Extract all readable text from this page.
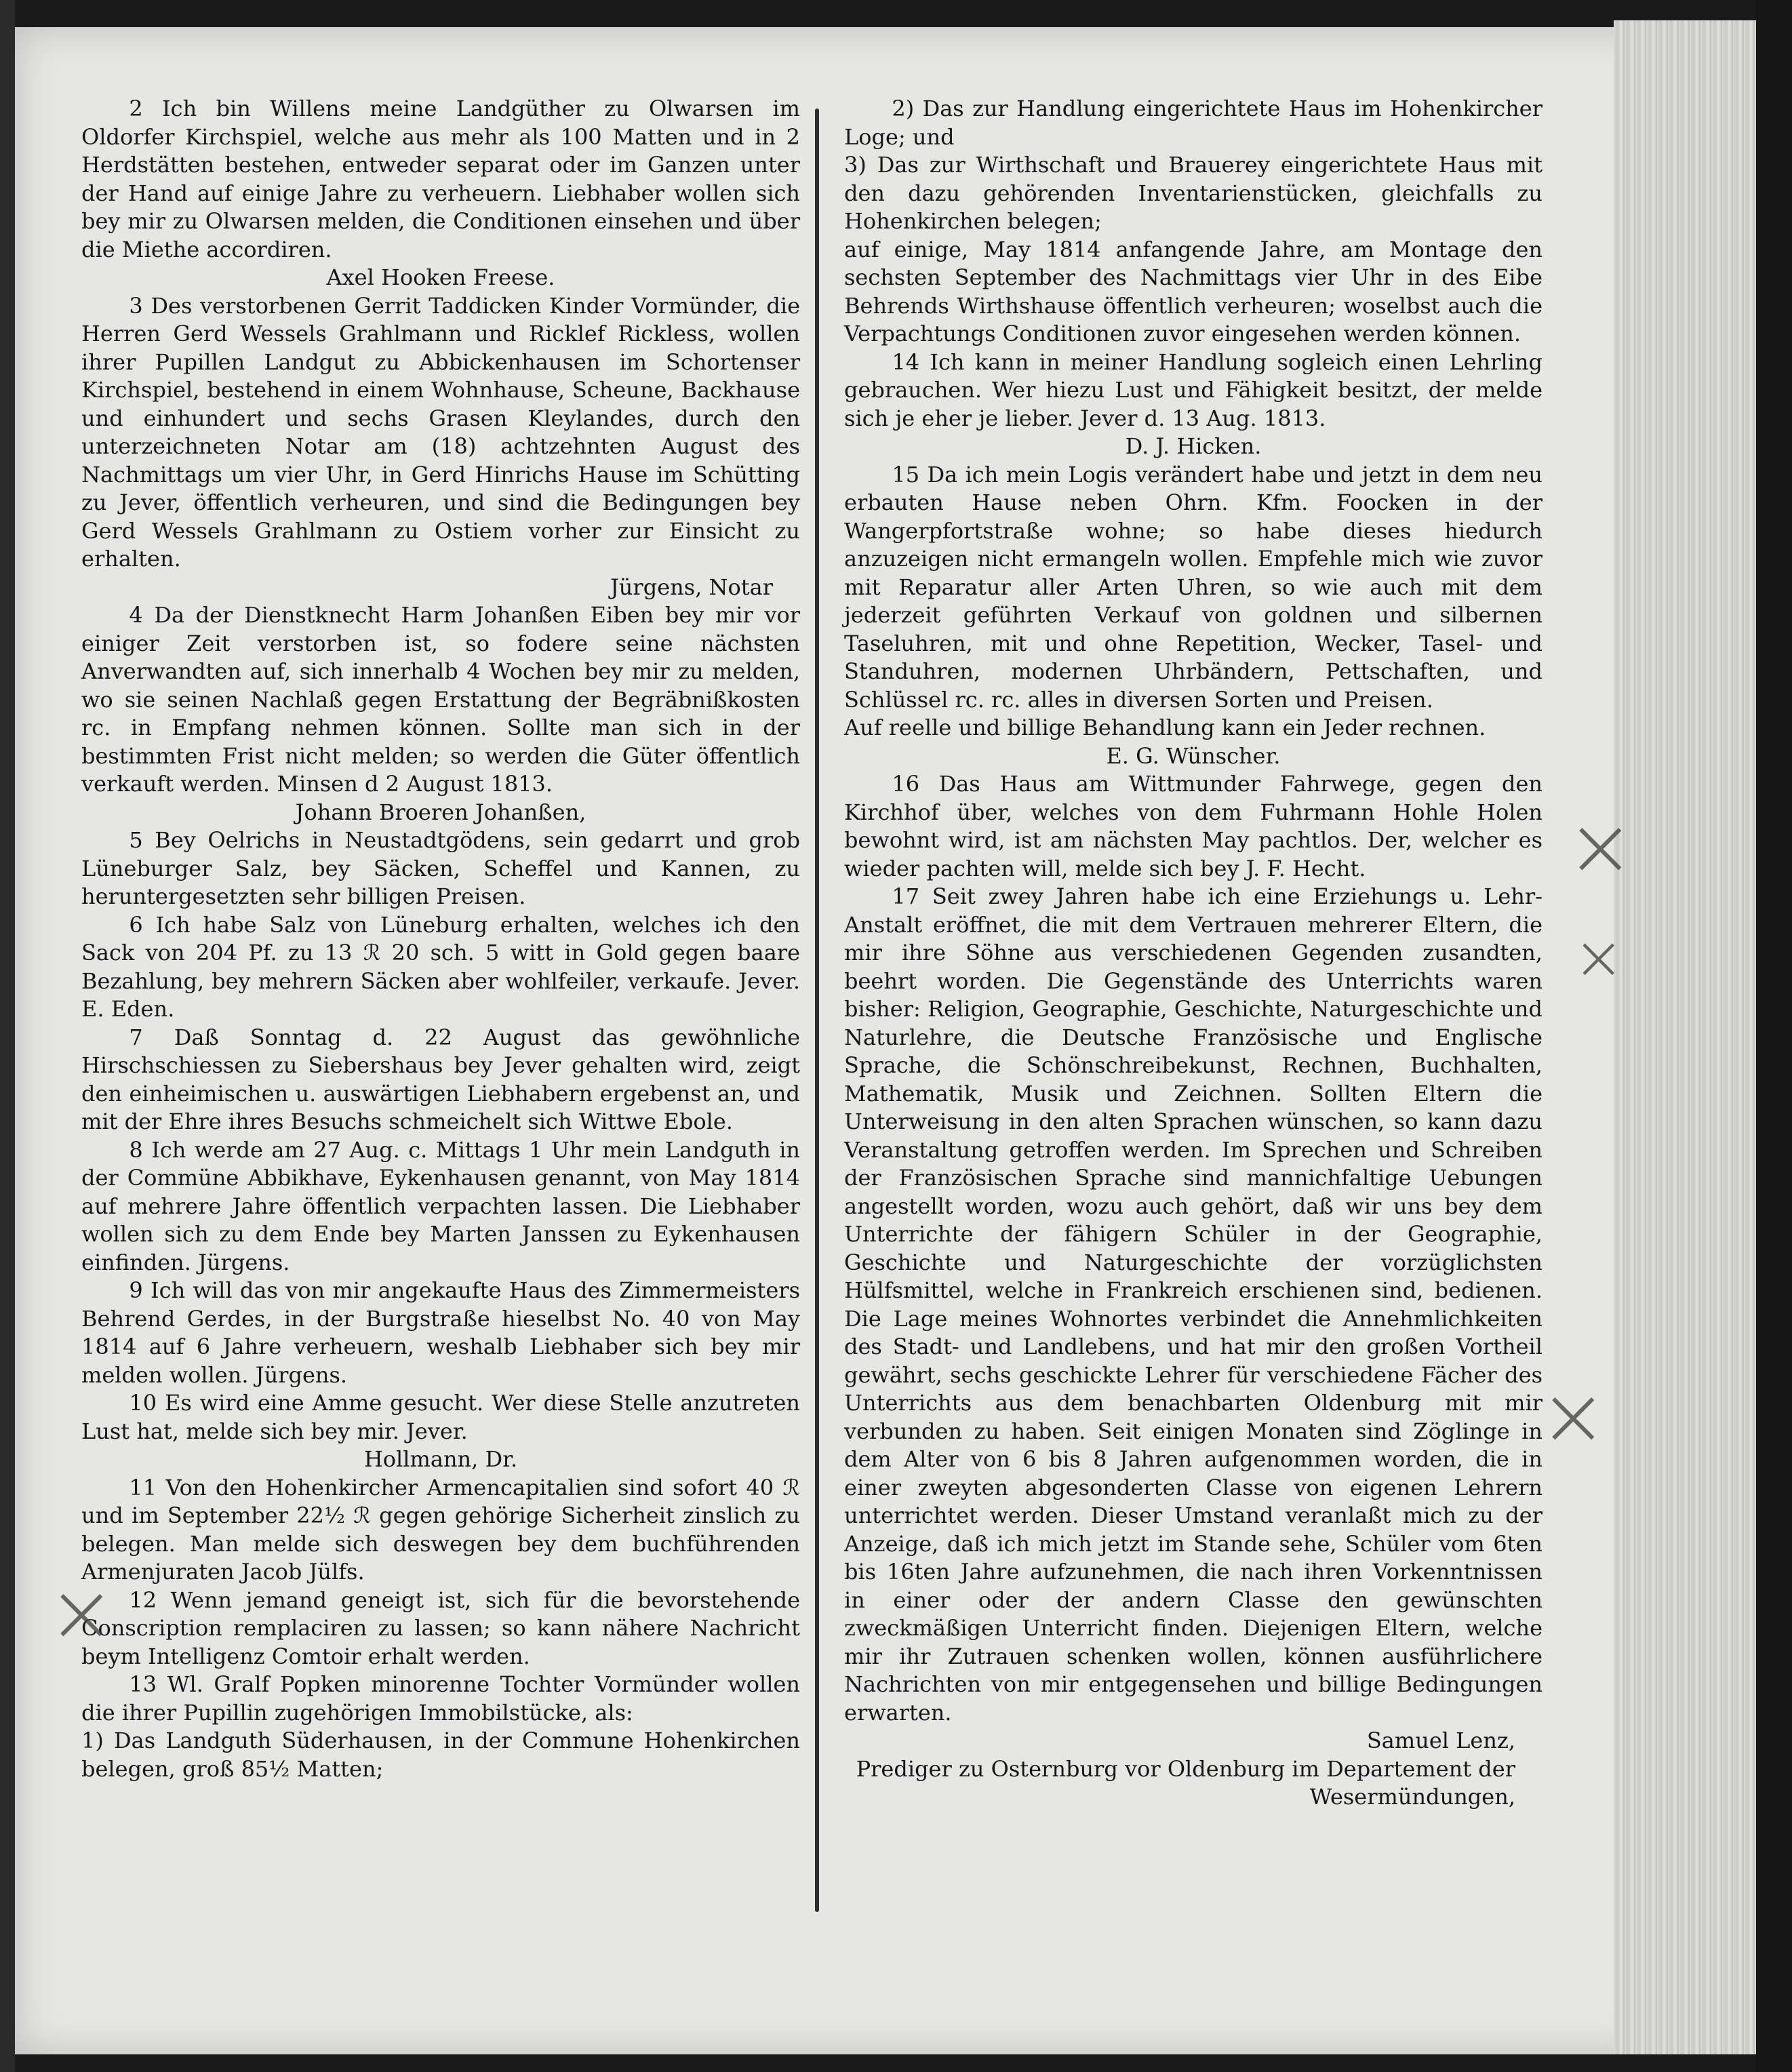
2 Ich bin Willens meine Landgüther zu Olwarsen im Oldorfer Kirchspiel, welche aus mehr als 100 Matten und in 2 Herdstätten bestehen, entweder separat oder im Ganzen unter der Hand auf einige Jahre zu verheuern. Liebhaber wollen sich bey mir zu Olwarsen melden, die Conditionen einsehen und über die Miethe accordiren.

Axel Hooken Freese.

3 Des verstorbenen Gerrit Taddicken Kinder Vormünder, die Herren Gerd Wessels Grahlmann und Ricklef Rickless, wollen ihrer Pupillen Landgut zu Abbickenhausen im Schortenser Kirchspiel, bestehend in einem Wohnhause, Scheune, Backhause und einhundert und sechs Grasen Kleylandes, durch den unterzeichneten Notar am (18) achtzehnten August des Nachmittags um vier Uhr, in Gerd Hinrichs Hause im Schütting zu Jever, öffentlich verheuren, und sind die Bedingungen bey Gerd Wessels Grahlmann zu Ostiem vorher zur Einsicht zu erhalten.

Jürgens, Notar

4 Da der Dienstknecht Harm Johanßen Eiben bey mir vor einiger Zeit verstorben ist, so fodere seine nächsten Anverwandten auf, sich innerhalb 4 Wochen bey mir zu melden, wo sie seinen Nachlaß gegen Erstattung der Begräbnißkosten rc. in Empfang nehmen können. Sollte man sich in der bestimmten Frist nicht melden; so werden die Güter öffentlich verkauft werden. Minsen d 2 August 1813.

Johann Broeren Johanßen,

5 Bey Oelrichs in Neustadtgödens, sein gedarrt und grob Lüneburger Salz, bey Säcken, Scheffel und Kannen, zu heruntergesetzten sehr billigen Preisen.

6 Ich habe Salz von Lüneburg erhalten, welches ich den Sack von 204 Pf. zu 13 ℛ 20 sch. 5 witt in Gold gegen baare Bezahlung, bey mehrern Säcken aber wohlfeiler, verkaufe. Jever. E. Eden.

7 Daß Sonntag d. 22 August das gewöhnliche Hirschschiessen zu Siebershaus bey Jever gehalten wird, zeigt den einheimischen u. auswärtigen Liebhabern ergebenst an, und mit der Ehre ihres Besuchs schmeichelt sich Wittwe Ebole.

8 Ich werde am 27 Aug. c. Mittags 1 Uhr mein Landguth in der Commüne Abbikhave, Eykenhausen genannt, von May 1814 auf mehrere Jahre öffentlich verpachten lassen. Die Liebhaber wollen sich zu dem Ende bey Marten Janssen zu Eykenhausen einfinden. Jürgens.

9 Ich will das von mir angekaufte Haus des Zimmermeisters Behrend Gerdes, in der Burgstraße hieselbst No. 40 von May 1814 auf 6 Jahre verheuern, weshalb Liebhaber sich bey mir melden wollen. Jürgens.

10 Es wird eine Amme gesucht. Wer diese Stelle anzutreten Lust hat, melde sich bey mir. Jever.

Hollmann, Dr.

11 Von den Hohenkircher Armencapitalien sind sofort 40 ℛ und im September 22½ ℛ gegen gehörige Sicherheit zinslich zu belegen. Man melde sich deswegen bey dem buchführenden Armenjuraten Jacob Jülfs.

12 Wenn jemand geneigt ist, sich für die bevorstehende Conscription remplaciren zu lassen; so kann nähere Nachricht beym Intelligenz Comtoir erhalt werden.

13 Wl. Gralf Popken minorenne Tochter Vormünder wollen die ihrer Pupillin zugehörigen Immobilstücke, als:
1) Das Landguth Süderhausen, in der Commune Hohenkirchen belegen, groß 85½ Matten;

2) Das zur Handlung eingerichtete Haus im Hohenkircher Loge; und
3) Das zur Wirthschaft und Brauerey eingerichtete Haus mit den dazu gehörenden Inventarienstücken, gleichfalls zu Hohenkirchen belegen;
auf einige, May 1814 anfangende Jahre, am Montage den sechsten September des Nachmittags vier Uhr in des Eibe Behrends Wirthshause öffentlich verheuren; woselbst auch die Verpachtungs Conditionen zuvor eingesehen werden können.

14 Ich kann in meiner Handlung sogleich einen Lehrling gebrauchen. Wer hiezu Lust und Fähigkeit besitzt, der melde sich je eher je lieber. Jever d. 13 Aug. 1813.

D. J. Hicken.

15 Da ich mein Logis verändert habe und jetzt in dem neu erbauten Hause neben Ohrn. Kfm. Foocken in der Wangerpfortstraße wohne; so habe dieses hiedurch anzuzeigen nicht ermangeln wollen. Empfehle mich wie zuvor mit Reparatur aller Arten Uhren, so wie auch mit dem jederzeit geführten Verkauf von goldnen und silbernen Taseluhren, mit und ohne Repetition, Wecker, Tasel- und Standuhren, modernen Uhrbändern, Pettschaften, und Schlüssel rc. rc. alles in diversen Sorten und Preisen.
Auf reelle und billige Behandlung kann ein Jeder rechnen.

E. G. Wünscher.

16 Das Haus am Wittmunder Fahrwege, gegen den Kirchhof über, welches von dem Fuhrmann Hohle Holen bewohnt wird, ist am nächsten May pachtlos. Der, welcher es wieder pachten will, melde sich bey J. F. Hecht.

17 Seit zwey Jahren habe ich eine Erziehungs u. Lehr-Anstalt eröffnet, die mit dem Vertrauen mehrerer Eltern, die mir ihre Söhne aus verschiedenen Gegenden zusandten, beehrt worden. Die Gegenstände des Unterrichts waren bisher: Religion, Geographie, Geschichte, Naturgeschichte und Naturlehre, die Deutsche Französische und Englische Sprache, die Schönschreibekunst, Rechnen, Buchhalten, Mathematik, Musik und Zeichnen. Sollten Eltern die Unterweisung in den alten Sprachen wünschen, so kann dazu Veranstaltung getroffen werden. Im Sprechen und Schreiben der Französischen Sprache sind mannichfaltige Uebungen angestellt worden, wozu auch gehört, daß wir uns bey dem Unterrichte der fähigern Schüler in der Geographie, Geschichte und Naturgeschichte der vorzüglichsten Hülfsmittel, welche in Frankreich erschienen sind, bedienen. Die Lage meines Wohnortes verbindet die Annehmlichkeiten des Stadt- und Landlebens, und hat mir den großen Vortheil gewährt, sechs geschickte Lehrer für verschiedene Fächer des Unterrichts aus dem benachbarten Oldenburg mit mir verbunden zu haben. Seit einigen Monaten sind Zöglinge in dem Alter von 6 bis 8 Jahren aufgenommen worden, die in einer zweyten abgesonderten Classe von eigenen Lehrern unterrichtet werden. Dieser Umstand veranlaßt mich zu der Anzeige, daß ich mich jetzt im Stande sehe, Schüler vom 6ten bis 16ten Jahre aufzunehmen, die nach ihren Vorkenntnissen in einer oder der andern Classe den gewünschten zweckmäßigen Unterricht finden. Diejenigen Eltern, welche mir ihr Zutrauen schenken wollen, können ausführlichere Nachrichten von mir entgegensehen und billige Bedingungen erwarten.

Samuel Lenz,

Prediger zu Osternburg vor Oldenburg im Departement der Wesermündungen,

×
×
×
×
